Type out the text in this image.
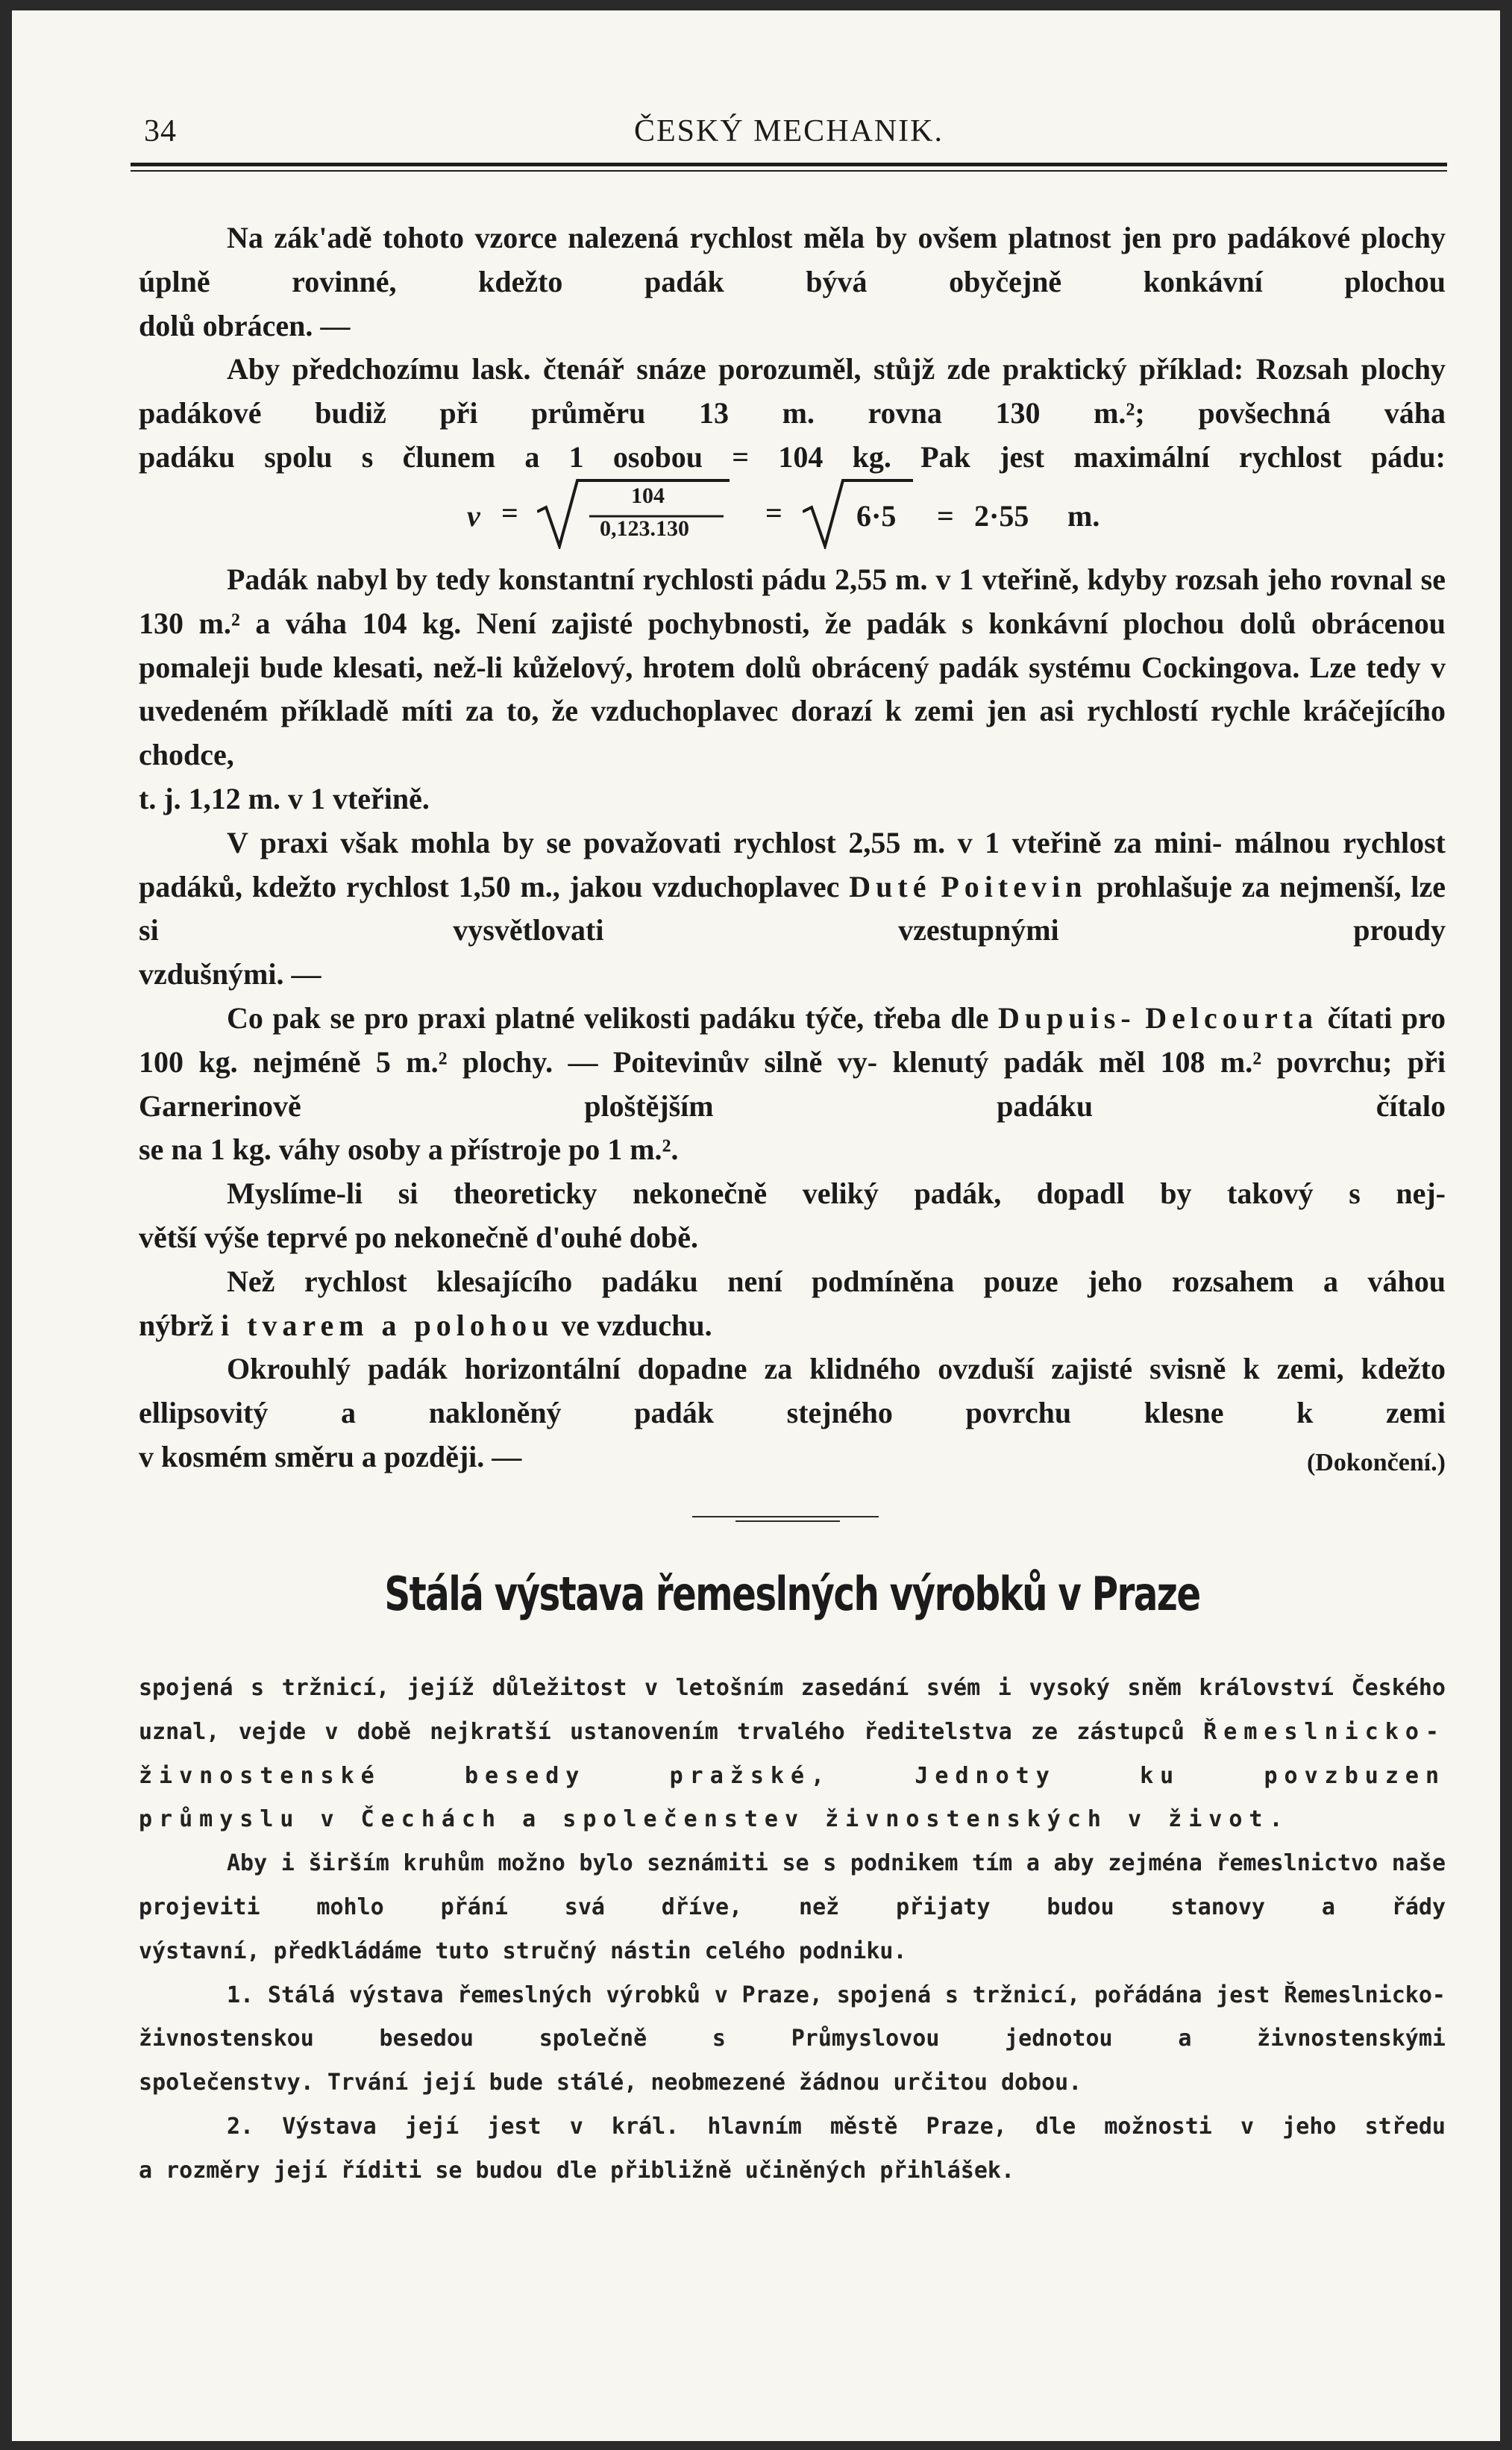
34	ČESKÝ MECHANIK.

Na zák'adě tohoto vzorce nalezená rychlost měla by ovšem platnost jen pro padákové plochy úplně rovinné, kdežto padák bývá obyčejně konkávní plochou

dolů obrácen. —

Aby předchozímu lask. čtenář snáze porozuměl, stůjž zde praktický příklad: Rozsah plochy padákové budiž při průměru 13 m. rovna 130 m.²; povšechná váha

padáku spolu s člunem a 1 osobou = 104 kg. Pak jest maximální rychlost pádu:

v =
104
0,123.130	= 6·5 = 2·55 m.

Padák nabyl by tedy konstantní rychlosti pádu 2,55 m. v 1 vteřině, kdyby rozsah jeho rovnal se 130 m.² a váha 104 kg. Není zajisté pochybnosti, že padák s konkávní plochou dolů obrácenou pomaleji bude klesati, než-li kůželový, hrotem dolů obrácený padák systému Cockingova. Lze tedy v uvedeném příkladě míti za to, že vzduchoplavec dorazí k zemi jen asi rychlostí rychle kráčejícího chodce,

t. j. 1,12 m. v 1 vteřině.

V praxi však mohla by se považovati rychlost 2,55 m. v 1 vteřině za mini- málnou rychlost padáků, kdežto rychlost 1,50 m., jakou vzduchoplavec Duté Poitevin prohlašuje za nejmenší, lze si vysvětlovati vzestupnými proudy

vzdušnými. —

Co pak se pro praxi platné velikosti padáku týče, třeba dle Dupuis- Delcourta čítati pro 100 kg. nejméně 5 m.² plochy. — Poitevinův silně vy- klenutý padák měl 108 m.² povrchu; při Garnerinově ploštějším padáku čítalo

se na 1 kg. váhy osoby a přístroje po 1 m.².

Myslíme-li si theoreticky nekonečně veliký padák, dopadl by takový s nej-

větší výše teprvé po nekonečně d'ouhé době.

Než rychlost klesajícího padáku není podmíněna pouze jeho rozsahem a váhou

nýbrž i tvarem a polohou ve vzduchu.

Okrouhlý padák horizontální dopadne za klidného ovzduší zajisté svisně k zemi, kdežto ellipsovitý a nakloněný padák stejného povrchu klesne k zemi

v kosmém směru a později. —	(Dokončení.)

Stálá výstava řemeslných výrobků v Praze

spojená s tržnicí, jejíž důležitost v letošním zasedání svém i vysoký sněm království Českého uznal, vejde v době nejkratší ustanovením trvalého ředitelstva ze zástupců Řemeslnicko-živnostenské besedy pražské, Jednoty ku povzbuzen

průmyslu v Čechách a společenstev živnostenských v život.

Aby i širším kruhům možno bylo seznámiti se s podnikem tím a aby zejména řemeslnictvo naše projeviti mohlo přání svá dříve, než přijaty budou stanovy a řády

výstavní, předkládáme tuto stručný nástin celého podniku.

1. Stálá výstava řemeslných výrobků v Praze, spojená s tržnicí, pořádána jest Řemeslnicko-živnostenskou besedou společně s Průmyslovou jednotou a živnostenskými

společenstvy. Trvání její bude stálé, neobmezené žádnou určitou dobou.

2. Výstava její jest v král. hlavním městě Praze, dle možnosti v jeho středu

a rozměry její říditi se budou dle přibližně učiněných přihlášek.
